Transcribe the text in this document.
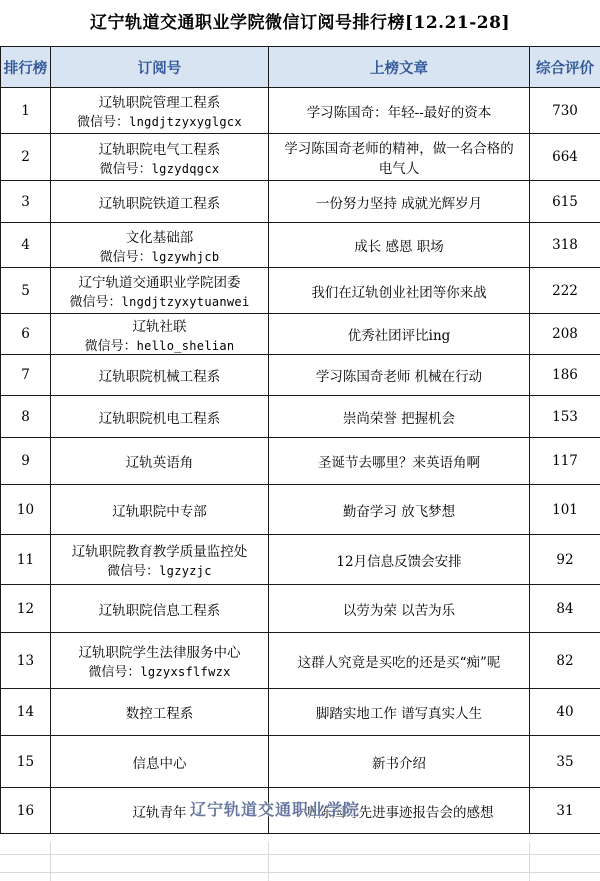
辽宁轨道交通职业学院微信订阅号排行榜[12.21-28]
排行榜	订阅号	上榜文章	综合评价
1	辽轨职院管理工程系
微信号：lngdjtzyxyglgcx	学习陈国奇：年轻--最好的资本	730
2	辽轨职院电气工程系
微信号：lgzydqgcx	学习陈国奇老师的精神，做一名合格的电气人	664
3	辽轨职院铁道工程系	一份努力坚持 成就光辉岁月	615
4	文化基础部
微信号：lgzywhjcb	成长 感恩 职场	318
5	辽宁轨道交通职业学院团委
微信号：lngdjtzyxytuanwei	我们在辽轨创业社团等你来战	222
6	辽轨社联
微信号：hello_shelian	优秀社团评比ing	208
7	辽轨职院机械工程系	学习陈国奇老师 机械在行动	186
8	辽轨职院机电工程系	崇尚荣誉 把握机会	153
9	辽轨英语角	圣诞节去哪里？来英语角啊	117
10	辽轨职院中专部	勤奋学习 放飞梦想	101
11	辽轨职院教育教学质量监控处
微信号：lgzyzjc	12月信息反馈会安排	92
12	辽轨职院信息工程系	以劳为荣 以苦为乐	84
13	辽轨职院学生法律服务中心
微信号：lgzyxsflfwzx	这群人究竟是买吃的还是买“痴”呢	82
14	数控工程系	脚踏实地工作 谱写真实人生	40
15	信息中心	新书介绍	35
16	辽轨青年	听陈国奇先进事迹报告会的感想	31
辽宁轨道交通职业学院
